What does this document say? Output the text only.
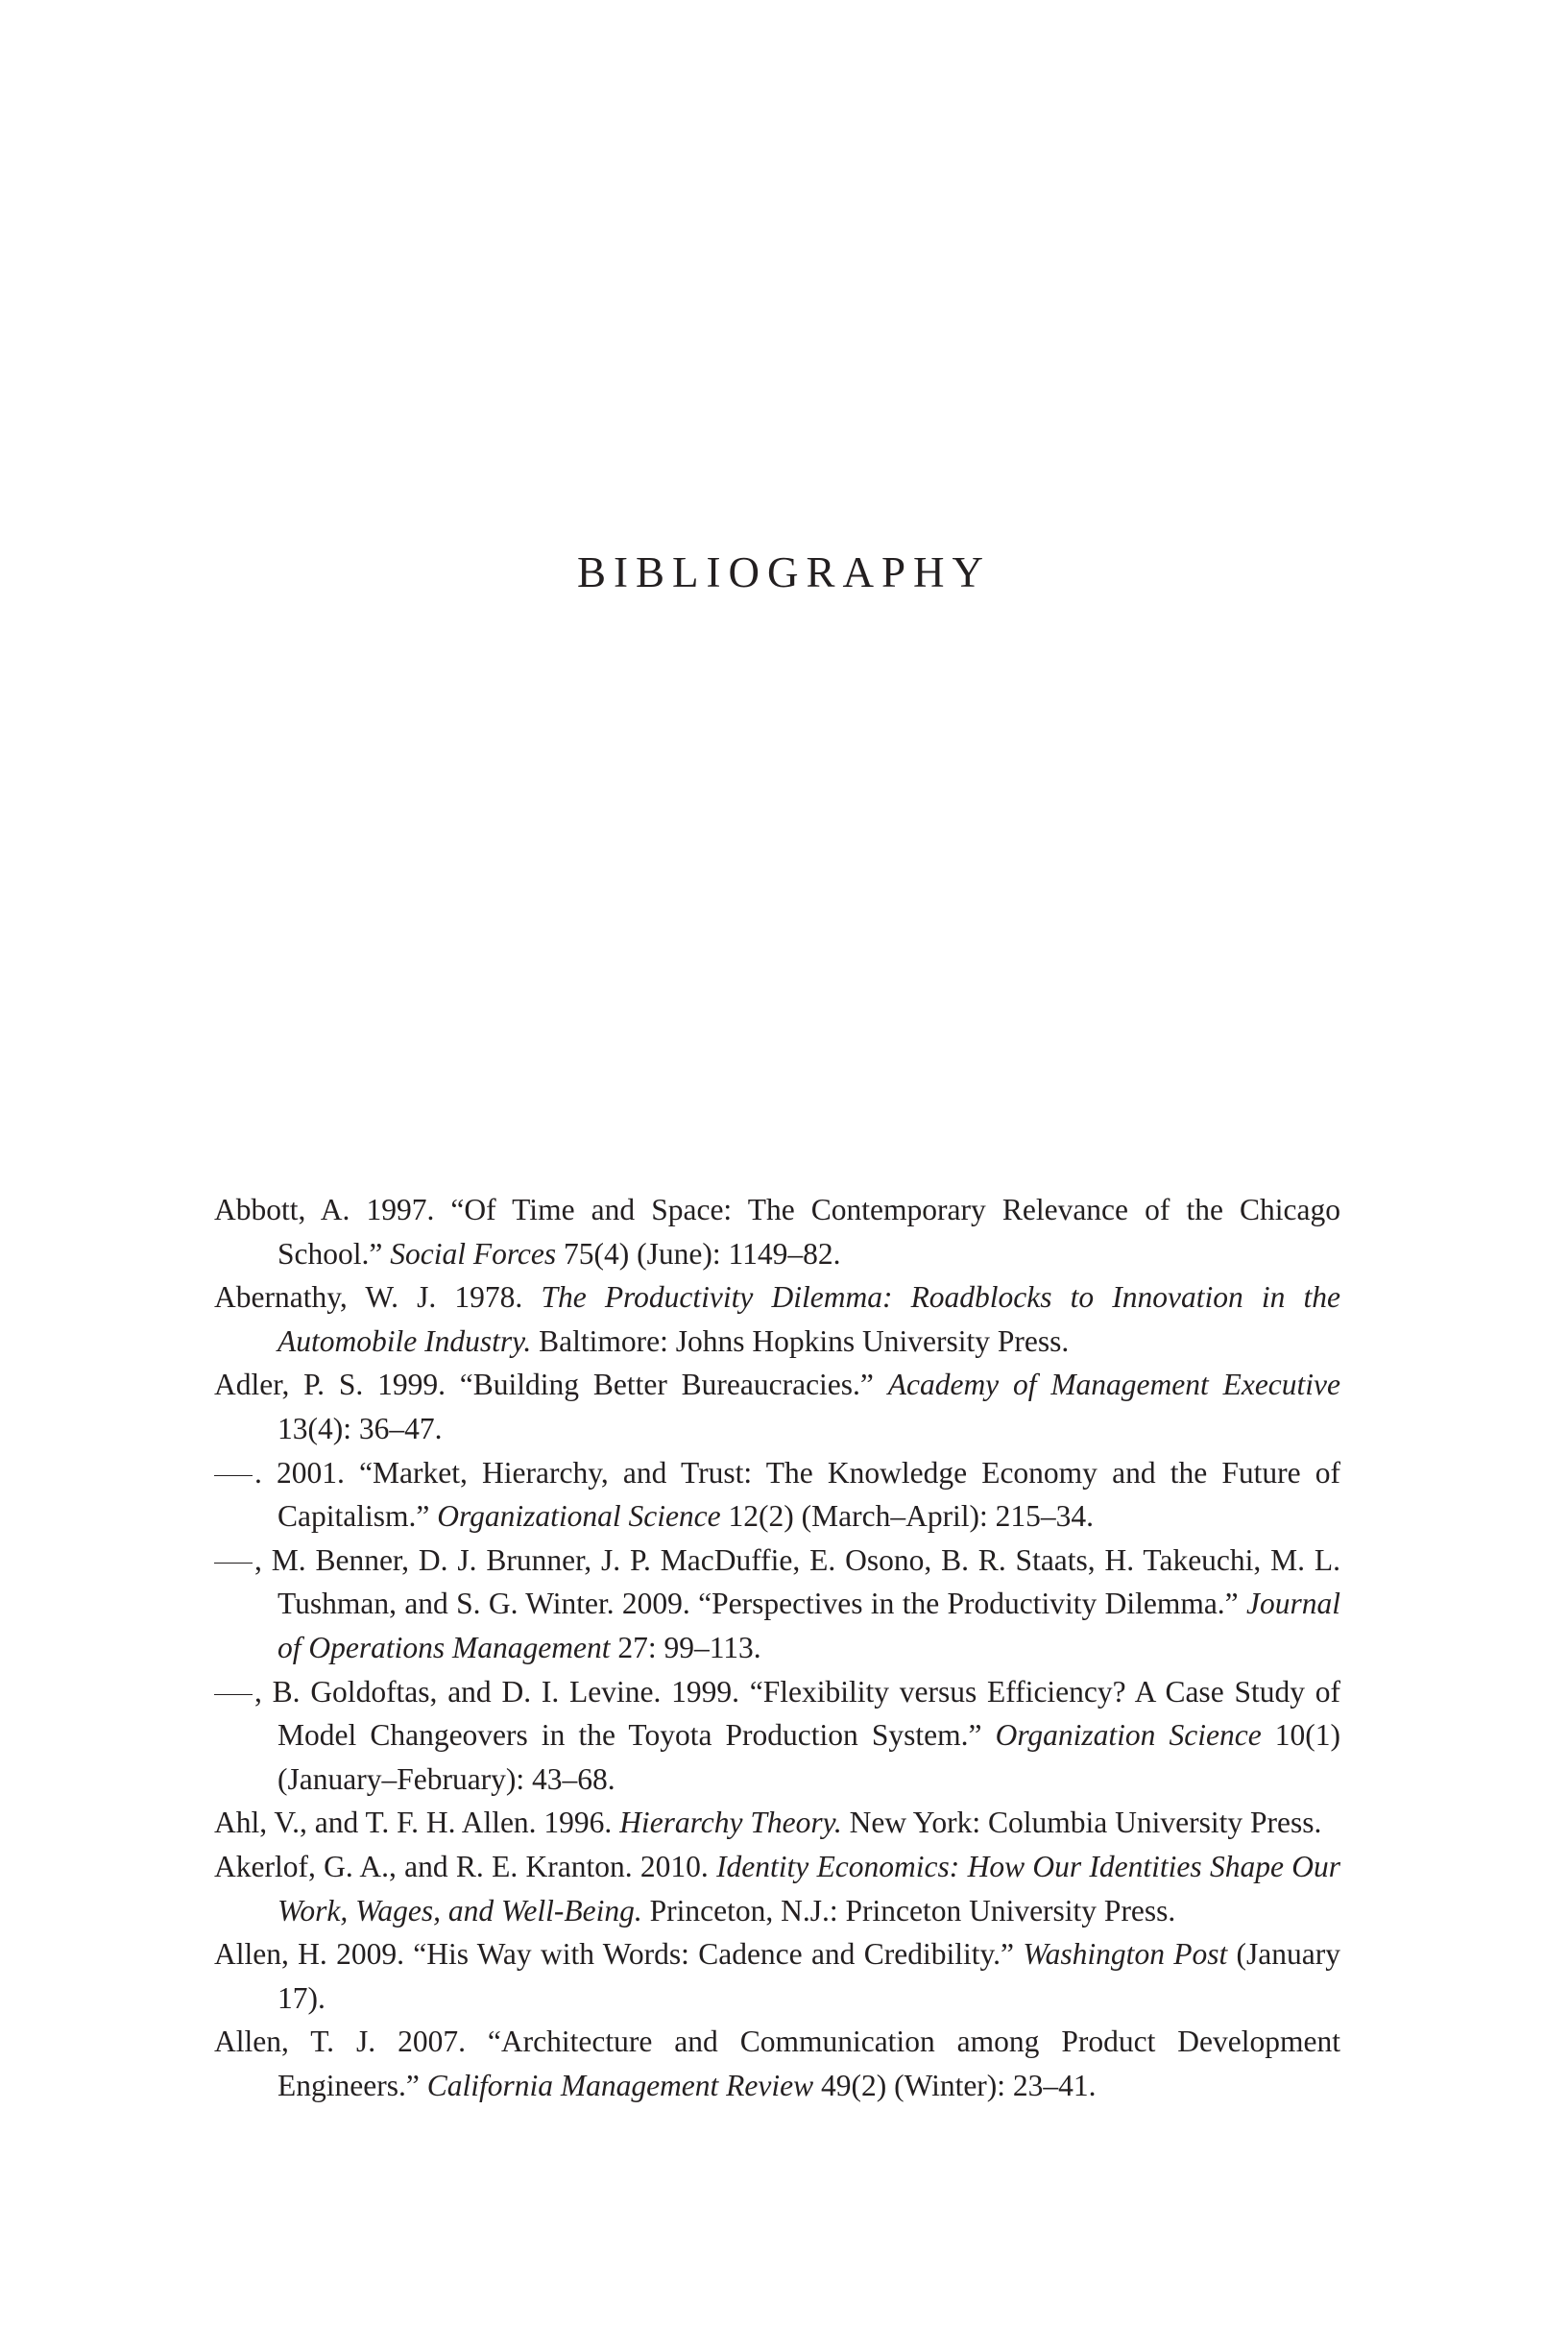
BIBLIOGRAPHY
Abbott, A. 1997. “Of Time and Space: The Contemporary Relevance of the Chicago School.” Social Forces 75(4) (June): 1149–82.
Abernathy, W. J. 1978. The Productivity Dilemma: Roadblocks to Innovation in the Automobile Industry. Baltimore: Johns Hopkins University Press.
Adler, P. S. 1999. “Building Better Bureaucracies.” Academy of Management Executive 13(4): 36–47.
. 2001. “Market, Hierarchy, and Trust: The Knowledge Economy and the Future of Capitalism.” Organizational Science 12(2) (March–April): 215–34.
, M. Benner, D. J. Brunner, J. P. MacDuffie, E. Osono, B. R. Staats, H. Takeuchi, M. L. Tushman, and S. G. Winter. 2009. “Perspectives in the Productivity Dilemma.” Journal of Operations Management 27: 99–113.
, B. Goldoftas, and D. I. Levine. 1999. “Flexibility versus Efficiency? A Case Study of Model Changeovers in the Toyota Production System.” Organization Science 10(1) (January–February): 43–68.
Ahl, V., and T. F. H. Allen. 1996. Hierarchy Theory. New York: Columbia University Press.
Akerlof, G. A., and R. E. Kranton. 2010. Identity Economics: How Our Identities Shape Our Work, Wages, and Well-Being. Princeton, N.J.: Princeton University Press.
Allen, H. 2009. “His Way with Words: Cadence and Credibility.” Washington Post (January 17).
Allen, T. J. 2007. “Architecture and Communication among Product Development Engineers.” California Management Review 49(2) (Winter): 23–41.
